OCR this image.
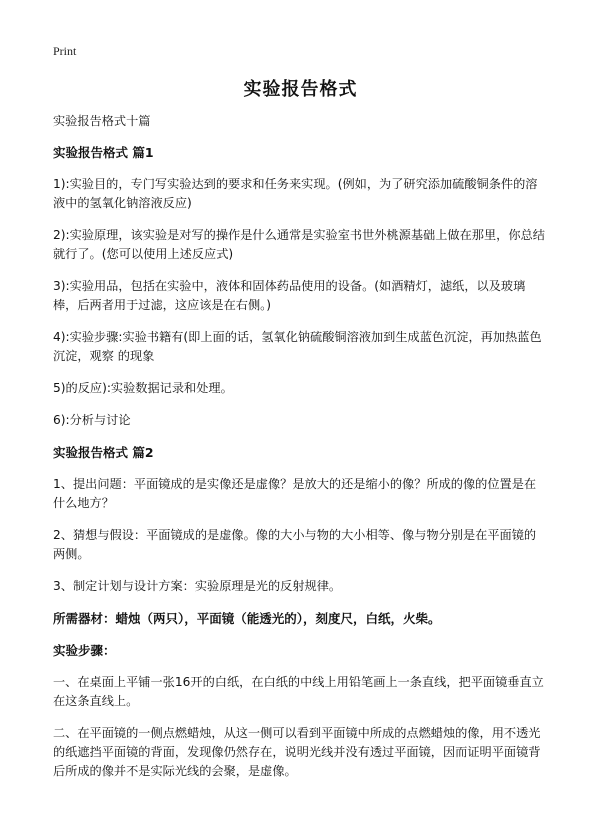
Print
实验报告格式
实验报告格式十篇
实验报告格式 篇1
1):实验目的，专门写实验达到的要求和任务来实现。(例如，为了研究添加硫酸铜条件的溶液中的氢氧化钠溶液反应)
2):实验原理，该实验是对写的操作是什么通常是实验室书世外桃源基础上做在那里，你总结就行了。(您可以使用上述反应式)
3):实验用品，包括在实验中，液体和固体药品使用的设备。(如酒精灯，滤纸，以及玻璃棒，后两者用于过滤，这应该是在右侧。)
4):实验步骤:实验书籍有(即上面的话，氢氧化钠硫酸铜溶液加到生成蓝色沉淀，再加热蓝色沉淀，观察 的现象
5)的反应):实验数据记录和处理。
6):分析与讨论
实验报告格式 篇2
1、提出问题：平面镜成的是实像还是虚像？是放大的还是缩小的像？所成的像的位置是在什么地方？
2、猜想与假设：平面镜成的是虚像。像的大小与物的大小相等、像与物分别是在平面镜的两侧。
3、制定计划与设计方案：实验原理是光的反射规律。
所需器材：蜡烛（两只），平面镜（能透光的），刻度尺，白纸，火柴。
实验步骤：
一、在桌面上平铺一张16开的白纸，在白纸的中线上用铅笔画上一条直线，把平面镜垂直立在这条直线上。
二、在平面镜的一侧点燃蜡烛，从这一侧可以看到平面镜中所成的点燃蜡烛的像，用不透光的纸遮挡平面镜的背面，发现像仍然存在，说明光线并没有透过平面镜，因而证明平面镜背后所成的像并不是实际光线的会聚，是虚像。
